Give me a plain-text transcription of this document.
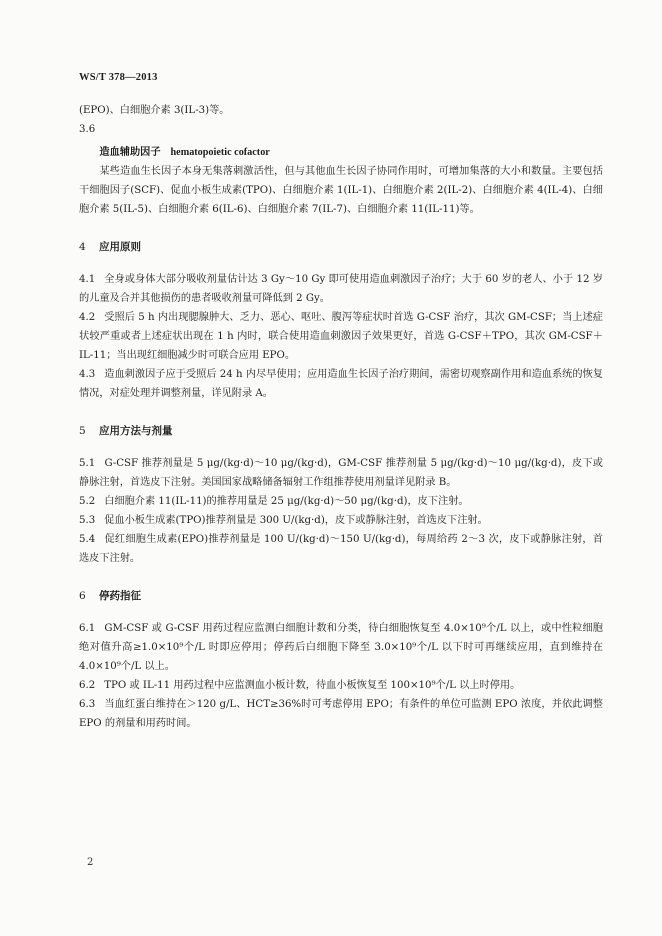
WS/T 378—2013

(EPO)、白细胞介素 3(IL-3)等。

3.6

造血辅助因子 hematopoietic cofactor

某些造血生长因子本身无集落刺激活性，但与其他血生长因子协同作用时，可增加集落的大小和数量。主要包括干细胞因子(SCF)、促血小板生成素(TPO)、白细胞介素 1(IL-1)、白细胞介素 2(IL-2)、白细胞介素 4(IL-4)、白细胞介素 5(IL-5)、白细胞介素 6(IL-6)、白细胞介素 7(IL-7)、白细胞介素 11(IL-11)等。

4 应用原则

4.1 全身或身体大部分吸收剂量估计达 3 Gy～10 Gy 即可使用造血刺激因子治疗；大于 60 岁的老人、小于 12 岁的儿童及合并其他损伤的患者吸收剂量可降低到 2 Gy。

4.2 受照后 5 h 内出现腮腺肿大、乏力、恶心、呕吐、腹泻等症状时首选 G-CSF 治疗，其次 GM-CSF；当上述症状较严重或者上述症状出现在 1 h 内时，联合使用造血刺激因子效果更好，首选 G-CSF＋TPO，其次 GM-CSF＋IL-11；当出现红细胞减少时可联合应用 EPO。

4.3 造血刺激因子应于受照后 24 h 内尽早使用；应用造血生长因子治疗期间，需密切观察副作用和造血系统的恢复情况，对症处理并调整剂量，详见附录 A。

5 应用方法与剂量

5.1 G-CSF 推荐剂量是 5 μg/(kg·d)～10 μg/(kg·d)，GM-CSF 推荐剂量 5 μg/(kg·d)～10 μg/(kg·d)，皮下或静脉注射，首选皮下注射。美国国家战略储备辐射工作组推荐使用剂量详见附录 B。

5.2 白细胞介素 11(IL-11)的推荐用量是 25 μg/(kg·d)～50 μg/(kg·d)，皮下注射。

5.3 促血小板生成素(TPO)推荐剂量是 300 U/(kg·d)，皮下或静脉注射，首选皮下注射。

5.4 促红细胞生成素(EPO)推荐剂量是 100 U/(kg·d)～150 U/(kg·d)，每周给药 2～3 次，皮下或静脉注射，首选皮下注射。

6 停药指征

6.1 GM-CSF 或 G-CSF 用药过程应监测白细胞计数和分类，待白细胞恢复至 4.0×10⁹个/L 以上，或中性粒细胞绝对值升高≥1.0×10⁹个/L 时即应停用；停药后白细胞下降至 3.0×10⁹个/L 以下时可再继续应用，直到维持在 4.0×10⁹个/L 以上。

6.2 TPO 或 IL-11 用药过程中应监测血小板计数，待血小板恢复至 100×10⁹个/L 以上时停用。

6.3 当血红蛋白维持在＞120 g/L、HCT≥36%时可考虑停用 EPO；有条件的单位可监测 EPO 浓度，并依此调整 EPO 的剂量和用药时间。

2
